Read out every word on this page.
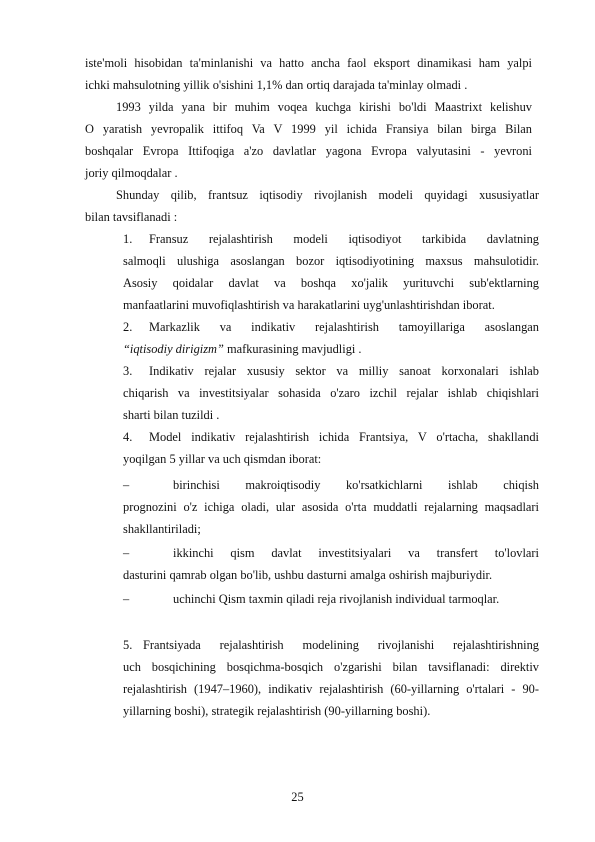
iste'moli hisobidan ta'minlanishi va hatto ancha faol eksport dinamikasi ham yalpi
ichki mahsulotning yillik o'sishini 1,1% dan ortiq darajada ta'minlay olmadi .
1993 yilda yana bir muhim voqea kuchga kirishi bo'ldi Maastrixt kelishuv
O yaratish yevropalik ittifoq Va V 1999 yil ichida Fransiya bilan birga Bilan
boshqalar Evropa Ittifoqiga a'zo davlatlar yagona Evropa valyutasini - yevroni
joriy qilmoqdalar .
Shunday qilib, frantsuz iqtisodiy rivojlanish modeli quyidagi xususiyatlar
bilan tavsiflanadi :
1. Fransuz rejalashtirish modeli iqtisodiyot tarkibida davlatning
salmoqli ulushiga asoslangan bozor iqtisodiyotining maxsus mahsulotidir.
Asosiy qoidalar davlat va boshqa xo'jalik yurituvchi sub'ektlarning
manfaatlarini muvofiqlashtirish va harakatlarini uyg'unlashtirishdan iborat.
2. Markazlik va indikativ rejalashtirish tamoyillariga asoslangan
“iqtisodiy dirigizm” mafkurasining mavjudligi .
3. Indikativ rejalar xususiy sektor va milliy sanoat korxonalari ishlab
chiqarish va investitsiyalar sohasida o'zaro izchil rejalar ishlab chiqishlari
sharti bilan tuzildi .
4. Model indikativ rejalashtirish ichida Frantsiya, V o'rtacha, shakllandi
yoqilgan 5 yillar va uch qismdan iborat:
–	birinchisi makroiqtisodiy ko'rsatkichlarni ishlab chiqish
prognozini o'z ichiga oladi, ular asosida o'rta muddatli rejalarning maqsadlari
shakllantiriladi;
–	ikkinchi qism davlat investitsiyalari va transfert to'lovlari
dasturini qamrab olgan bo'lib, ushbu dasturni amalga oshirish majburiydir.
–	uchinchi Qism taxmin qiladi reja rivojlanish individual tarmoqlar.
5. Frantsiyada rejalashtirish modelining rivojlanishi rejalashtirishning
uch bosqichining bosqichma-bosqich o'zgarishi bilan tavsiflanadi: direktiv
rejalashtirish (1947–1960), indikativ rejalashtirish (60-yillarning o'rtalari - 90-
yillarning boshi), strategik rejalashtirish (90-yillarning boshi).
25
